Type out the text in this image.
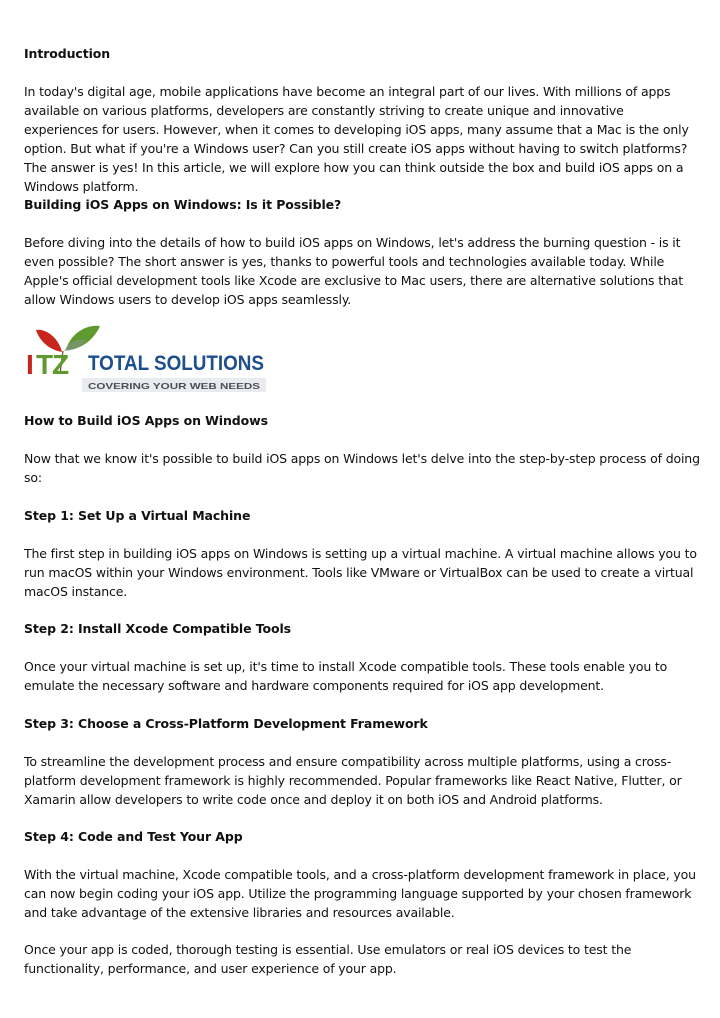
Introduction

In today's digital age, mobile applications have become an integral part of our lives. With millions of apps available on various platforms, developers are constantly striving to create unique and innovative experiences for users. However, when it comes to developing iOS apps, many assume that a Mac is the only option. But what if you're a Windows user? Can you still create iOS apps without having to switch platforms? The answer is yes! In this article, we will explore how you can think outside the box and build iOS apps on a Windows platform.

Building iOS Apps on Windows: Is it Possible?

Before diving into the details of how to build iOS apps on Windows, let's address the burning question - is it even possible? The short answer is yes, thanks to powerful tools and technologies available today. While Apple's official development tools like Xcode are exclusive to Mac users, there are alternative solutions that allow Windows users to develop iOS apps seamlessly.

I T
Z TOTAL SOLUTIONS
COVERING YOUR WEB NEEDS

How to Build iOS Apps on Windows

Now that we know it's possible to build iOS apps on Windows let's delve into the step-by-step process of doing so:

Step 1: Set Up a Virtual Machine

The first step in building iOS apps on Windows is setting up a virtual machine. A virtual machine allows you to run macOS within your Windows environment. Tools like VMware or VirtualBox can be used to create a virtual macOS instance.

Step 2: Install Xcode Compatible Tools

Once your virtual machine is set up, it's time to install Xcode compatible tools. These tools enable you to emulate the necessary software and hardware components required for iOS app development.

Step 3: Choose a Cross-Platform Development Framework

To streamline the development process and ensure compatibility across multiple platforms, using a cross-platform development framework is highly recommended. Popular frameworks like React Native, Flutter, or Xamarin allow developers to write code once and deploy it on both iOS and Android platforms.

Step 4: Code and Test Your App

With the virtual machine, Xcode compatible tools, and a cross-platform development framework in place, you can now begin coding your iOS app. Utilize the programming language supported by your chosen framework and take advantage of the extensive libraries and resources available.

Once your app is coded, thorough testing is essential. Use emulators or real iOS devices to test the functionality, performance, and user experience of your app.
